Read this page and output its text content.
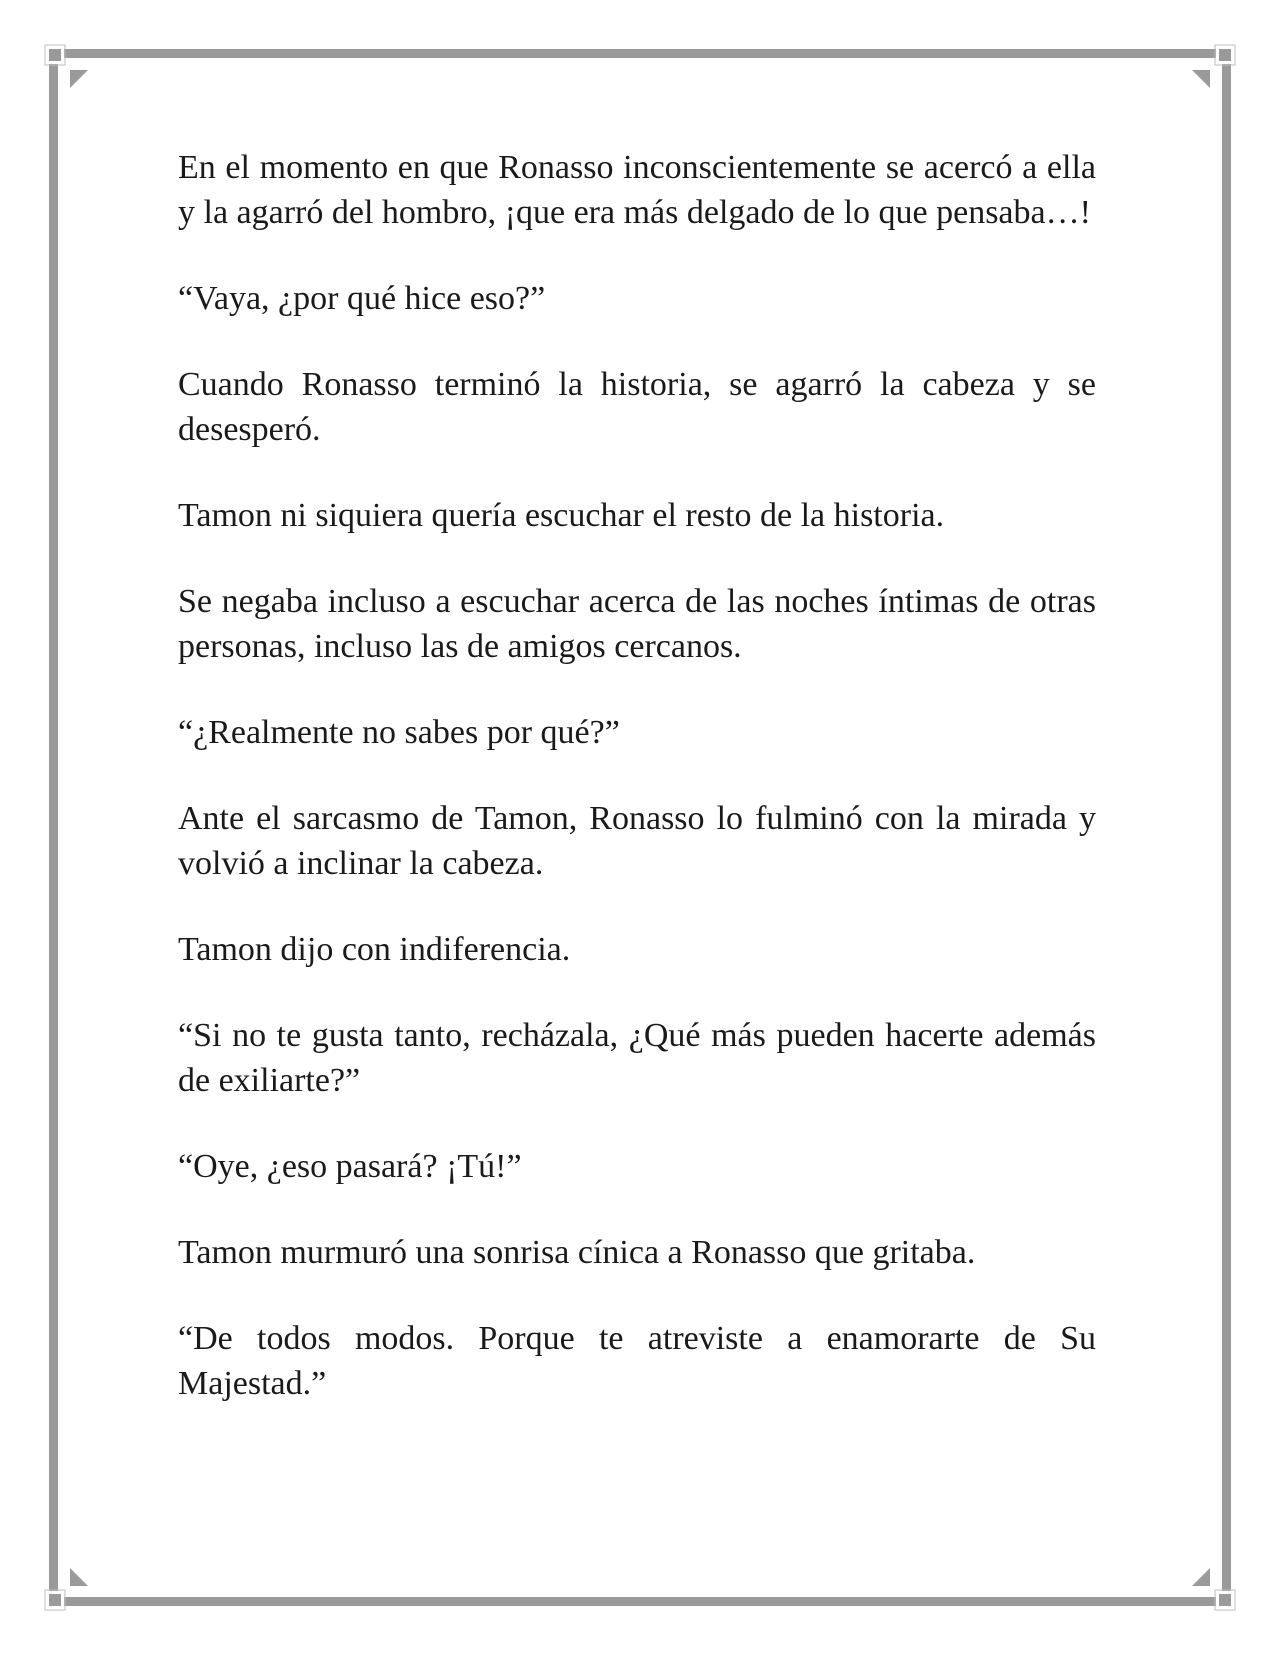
En el momento en que Ronasso inconscientemente se acercó a ella y la agarró del hombro, ¡que era más delgado de lo que pensaba…!

“Vaya, ¿por qué hice eso?”

Cuando Ronasso terminó la historia, se agarró la cabeza y se desesperó.

Tamon ni siquiera quería escuchar el resto de la historia.

Se negaba incluso a escuchar acerca de las noches íntimas de otras personas, incluso las de amigos cercanos.

“¿Realmente no sabes por qué?”

Ante el sarcasmo de Tamon, Ronasso lo fulminó con la mirada y volvió a inclinar la cabeza.

Tamon dijo con indiferencia.

“Si no te gusta tanto, recházala, ¿Qué más pueden hacerte además de exiliarte?”

“Oye, ¿eso pasará? ¡Tú!”

Tamon murmuró una sonrisa cínica a Ronasso que gritaba.

“De todos modos. Porque te atreviste a enamorarte de Su Majestad.”
